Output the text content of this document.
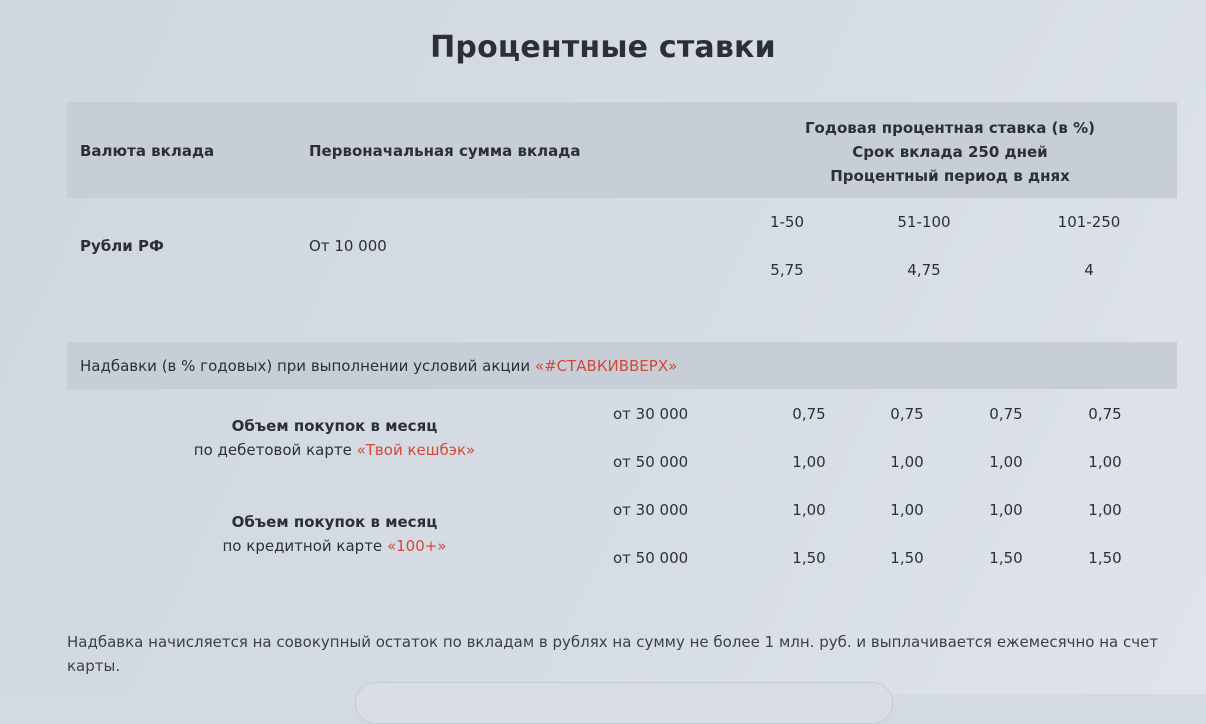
Процентные ставки
Валюта вклада	Первоначальная сумма вклада
Годовая процентная ставка (в %)
Срок вклада 250 дней
Процентный период в днях
Рубли РФ	От 10 000
1-50	51-100	101-250
5,75	4,75	4
Надбавки (в % годовых) при выполнении условий акции «#СТАВКИВВЕРХ»
Объем покупок в месяц
по дебетовой карте «Твой кешбэк»
от 30 000	0,75	0,75	0,75	0,75
от 50 000	1,00	1,00	1,00	1,00
Объем покупок в месяц
по кредитной карте «100+»
от 30 000	1,00	1,00	1,00	1,00
от 50 000	1,50	1,50	1,50	1,50
Надбавка начисляется на совокупный остаток по вкладам в рублях на сумму не более 1 млн. руб. и выплачивается ежемесячно на счет карты.
